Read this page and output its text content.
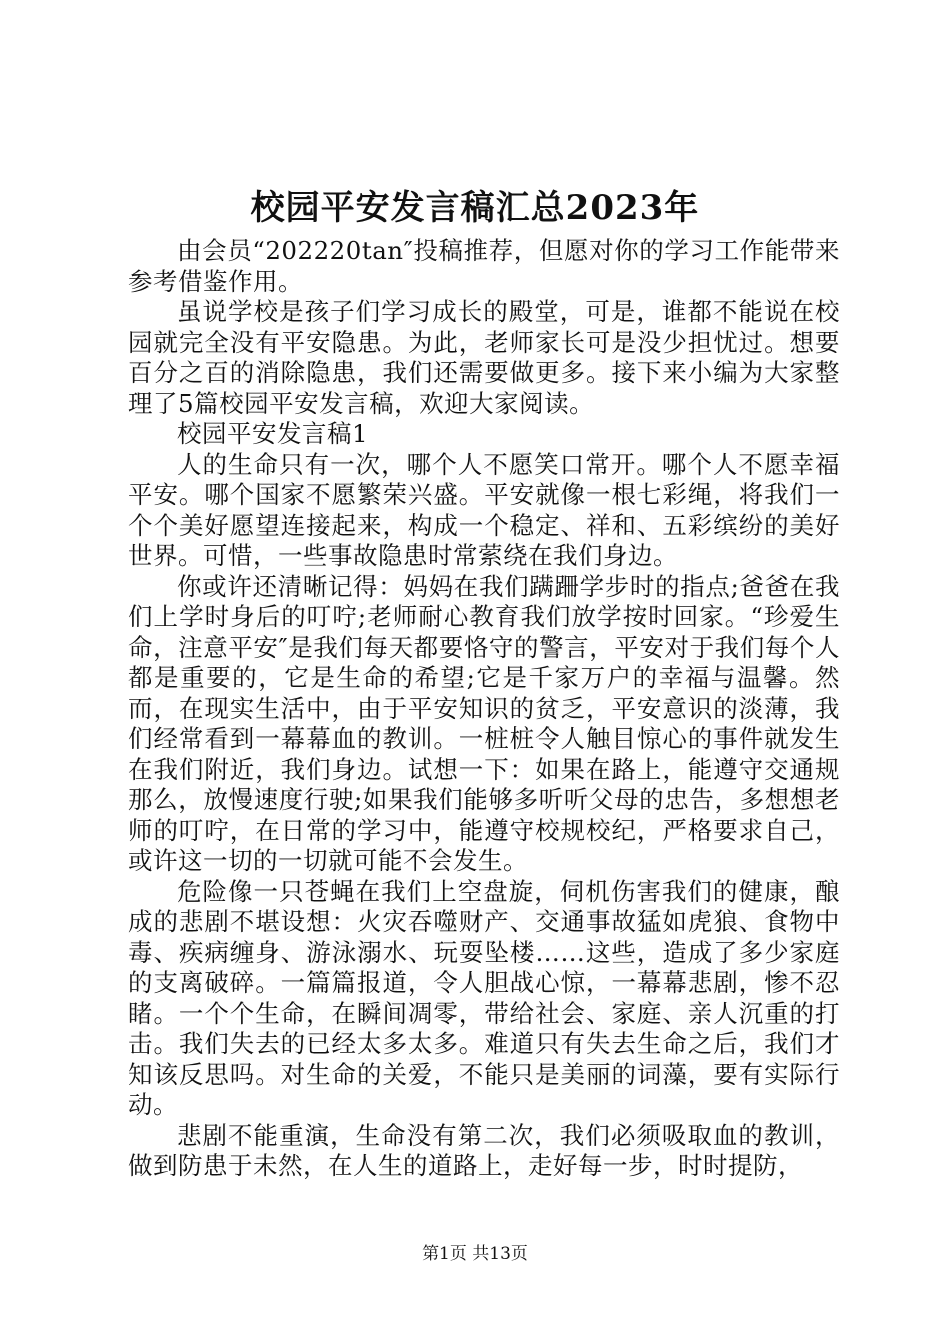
校园平安发言稿汇总2023年

由会员“202220tan″投稿推荐，但愿对你的学习工作能带来参考借鉴作用。

虽说学校是孩子们学习成长的殿堂，可是，谁都不能说在校园就完全没有平安隐患。为此，老师家长可是没少担忧过。想要百分之百的消除隐患，我们还需要做更多。接下来小编为大家整理了5篇校园平安发言稿，欢迎大家阅读。

校园平安发言稿1

人的生命只有一次，哪个人不愿笑口常开。哪个人不愿幸福平安。哪个国家不愿繁荣兴盛。平安就像一根七彩绳，将我们一个个美好愿望连接起来，构成一个稳定、祥和、五彩缤纷的美好世界。可惜，一些事故隐患时常萦绕在我们身边。

你或许还清晰记得：妈妈在我们蹒跚学步时的指点;爸爸在我们上学时身后的叮咛;老师耐心教育我们放学按时回家。“珍爱生命，注意平安″是我们每天都要恪守的警言，平安对于我们每个人都是重要的，它是生命的希望;它是千家万户的幸福与温馨。然而，在现实生活中，由于平安知识的贫乏，平安意识的淡薄，我们经常看到一幕幕血的教训。一桩桩令人触目惊心的事件就发生在我们附近，我们身边。试想一下：如果在路上，能遵守交通规那么，放慢速度行驶;如果我们能够多听听父母的忠告，多想想老师的叮咛，在日常的学习中，能遵守校规校纪，严格要求自己，或许这一切的一切就可能不会发生。

危险像一只苍蝇在我们上空盘旋，伺机伤害我们的健康，酿成的悲剧不堪设想：火灾吞噬财产、交通事故猛如虎狼、食物中毒、疾病缠身、游泳溺水、玩耍坠楼……这些，造成了多少家庭的支离破碎。一篇篇报道，令人胆战心惊，一幕幕悲剧，惨不忍睹。一个个生命，在瞬间凋零，带给社会、家庭、亲人沉重的打击。我们失去的已经太多太多。难道只有失去生命之后，我们才知该反思吗。对生命的关爱，不能只是美丽的词藻，要有实际行动。

悲剧不能重演，生命没有第二次，我们必须吸取血的教训，做到防患于未然，在人生的道路上，走好每一步，时时提防，

第1页 共13页
